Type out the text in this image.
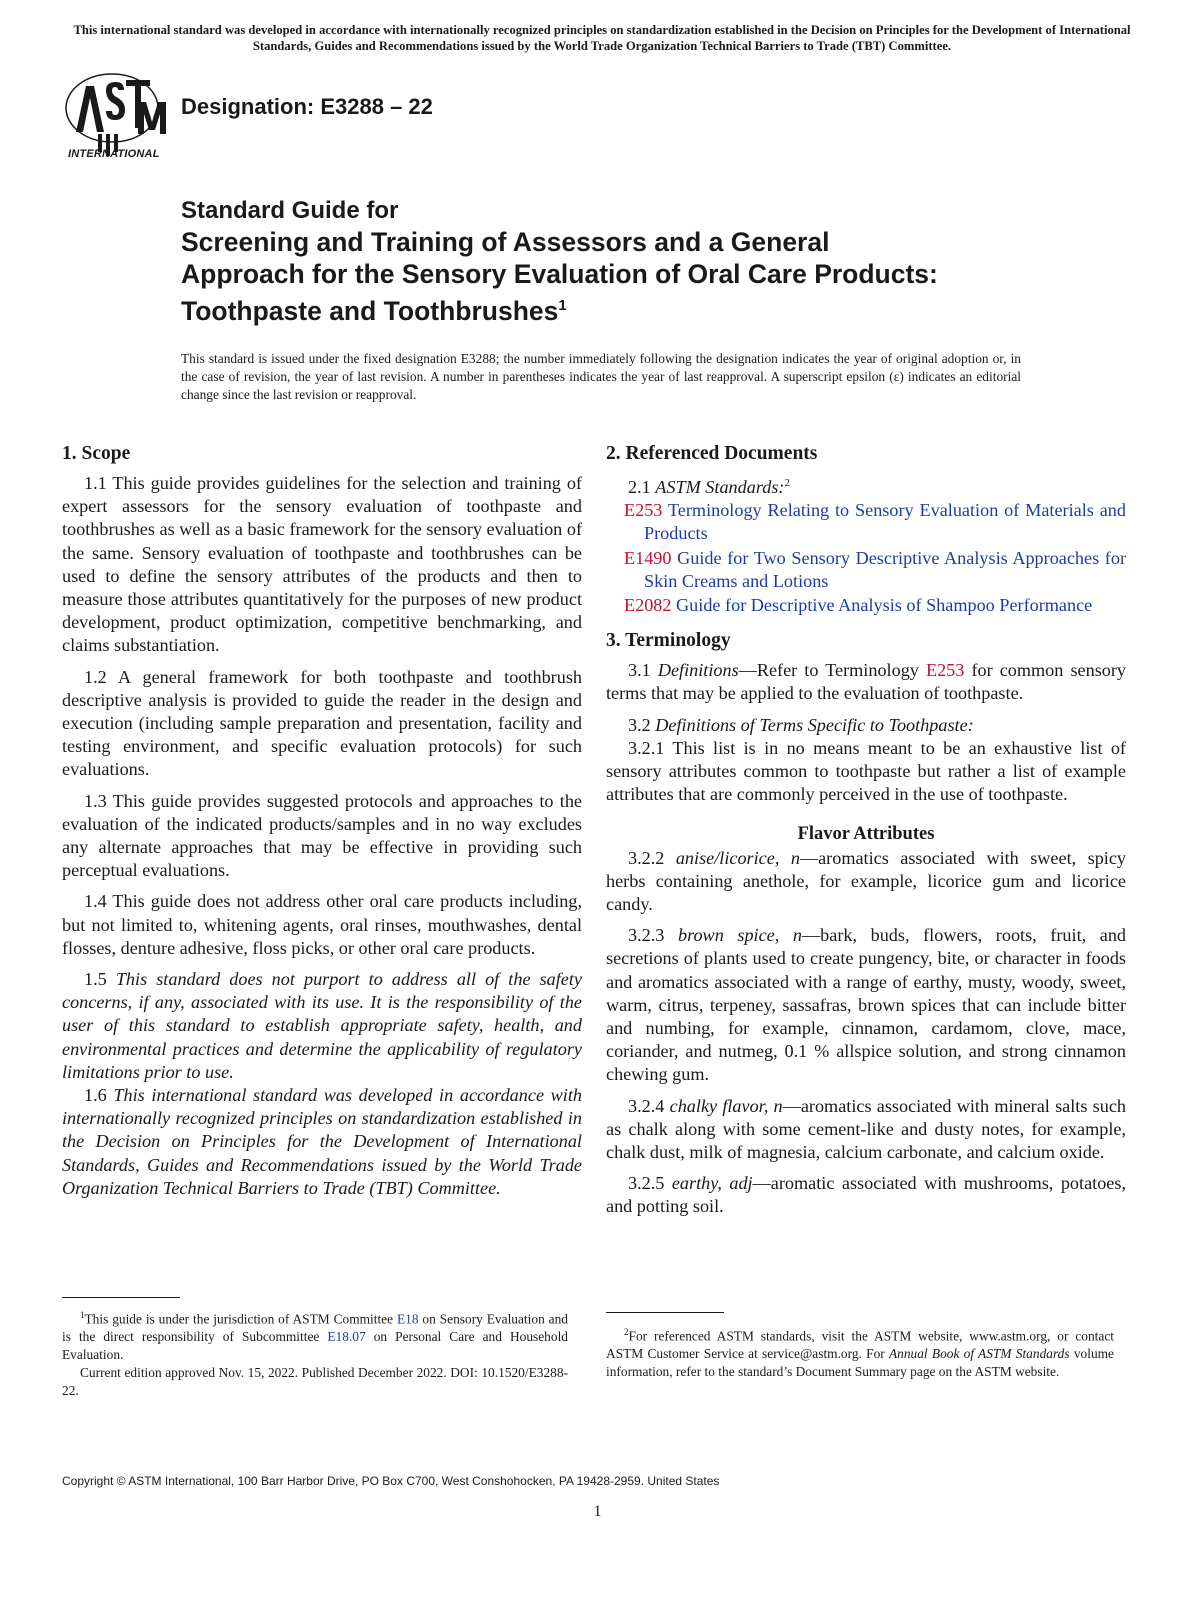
This international standard was developed in accordance with internationally recognized principles on standardization established in the Decision on Principles for the Development of International Standards, Guides and Recommendations issued by the World Trade Organization Technical Barriers to Trade (TBT) Committee.
INTERNATIONAL
Designation: E3288 – 22
Standard Guide for
Screening and Training of Assessors and a General
Approach for the Sensory Evaluation of Oral Care Products:
Toothpaste and Toothbrushes$^1$
This standard is issued under the fixed designation E3288; the number immediately following the designation indicates the year of original adoption or, in the case of revision, the year of last revision. A number in parentheses indicates the year of last reapproval. A superscript epsilon (ε) indicates an editorial change since the last revision or reapproval.
1. Scope

1.1 This guide provides guidelines for the selection and training of expert assessors for the sensory evaluation of toothpaste and toothbrushes as well as a basic framework for the sensory evaluation of the same. Sensory evaluation of toothpaste and toothbrushes can be used to define the sensory attributes of the products and then to measure those attributes quantitatively for the purposes of new product development, product optimization, competitive benchmarking, and claims substantiation.

1.2 A general framework for both toothpaste and toothbrush descriptive analysis is provided to guide the reader in the design and execution (including sample preparation and presentation, facility and testing environment, and specific evaluation protocols) for such evaluations.

1.3 This guide provides suggested protocols and approaches to the evaluation of the indicated products/samples and in no way excludes any alternate approaches that may be effective in providing such perceptual evaluations.

1.4 This guide does not address other oral care products including, but not limited to, whitening agents, oral rinses, mouthwashes, dental flosses, denture adhesive, floss picks, or other oral care products.

1.5 This standard does not purport to address all of the safety concerns, if any, associated with its use. It is the responsibility of the user of this standard to establish appropriate safety, health, and environmental practices and determine the applicability of regulatory limitations prior to use.

1.6 This international standard was developed in accordance with internationally recognized principles on standardization established in the Decision on Principles for the Development of International Standards, Guides and Recommendations issued by the World Trade Organization Technical Barriers to Trade (TBT) Committee.

2. Referenced Documents

2.1 ASTM Standards:$^2$

E253 Terminology Relating to Sensory Evaluation of Materials and Products
E1490 Guide for Two Sensory Descriptive Analysis Approaches for Skin Creams and Lotions
E2082 Guide for Descriptive Analysis of Shampoo Performance
3. Terminology

3.1 Definitions—Refer to Terminology E253 for common sensory terms that may be applied to the evaluation of toothpaste.

3.2 Definitions of Terms Specific to Toothpaste:

3.2.1 This list is in no means meant to be an exhaustive list of sensory attributes common to toothpaste but rather a list of example attributes that are commonly perceived in the use of toothpaste.

Flavor Attributes

3.2.2 anise/licorice, n—aromatics associated with sweet, spicy herbs containing anethole, for example, licorice gum and licorice candy.

3.2.3 brown spice, n—bark, buds, flowers, roots, fruit, and secretions of plants used to create pungency, bite, or character in foods and aromatics associated with a range of earthy, musty, woody, sweet, warm, citrus, terpeney, sassafras, brown spices that can include bitter and numbing, for example, cinnamon, cardamom, clove, mace, coriander, and nutmeg, 0.1 % allspice solution, and strong cinnamon chewing gum.

3.2.4 chalky flavor, n—aromatics associated with mineral salts such as chalk along with some cement-like and dusty notes, for example, chalk dust, milk of magnesia, calcium carbonate, and calcium oxide.

3.2.5 earthy, adj—aromatic associated with mushrooms, potatoes, and potting soil.

$^1$This guide is under the jurisdiction of ASTM Committee E18 on Sensory Evaluation and is the direct responsibility of Subcommittee E18.07 on Personal Care and Household Evaluation.

Current edition approved Nov. 15, 2022. Published December 2022. DOI: 10.1520/E3288-22.

$^2$For referenced ASTM standards, visit the ASTM website, www.astm.org, or contact ASTM Customer Service at service@astm.org. For Annual Book of ASTM Standards volume information, refer to the standard’s Document Summary page on the ASTM website.

Copyright © ASTM International, 100 Barr Harbor Drive, PO Box C700, West Conshohocken, PA 19428-2959. United States
1
